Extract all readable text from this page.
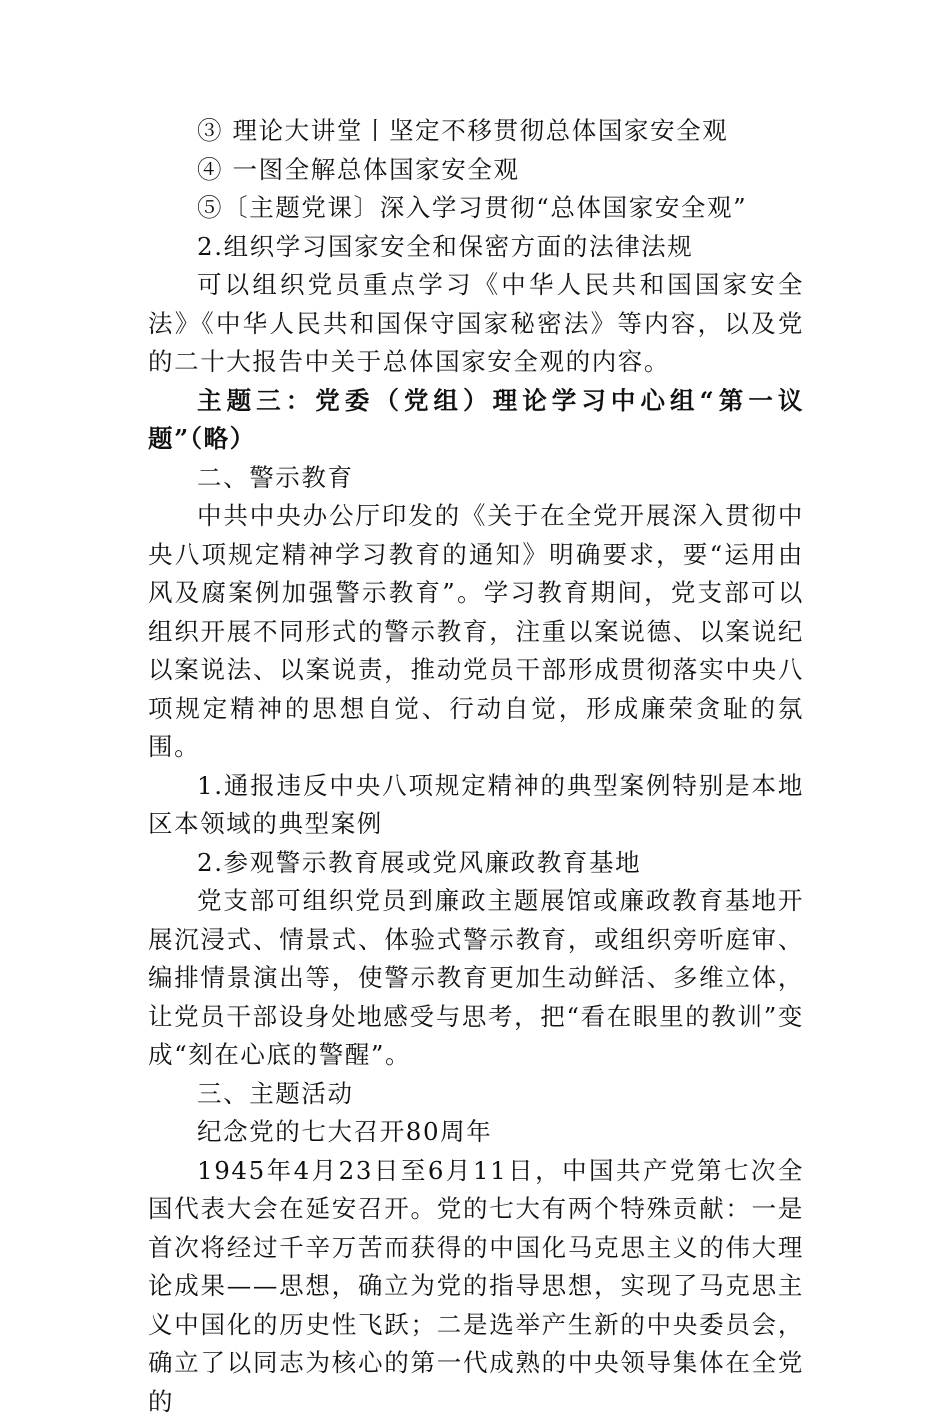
③ 理论大讲堂丨坚定不移贯彻总体国家安全观

④ 一图全解总体国家安全观

⑤〔主题党课〕深入学习贯彻“总体国家安全观”

2.组织学习国家安全和保密方面的法律法规

可以组织党员重点学习《中华人民共和国国家安全法》《中华人民共和国保守国家秘密法》等内容，以及党的二十大报告中关于总体国家安全观的内容。

主题三：党委（党组）理论学习中心组“第一议题”（略）

二、警示教育

中共中央办公厅印发的《关于在全党开展深入贯彻中央八项规定精神学习教育的通知》明确要求，要“运用由风及腐案例加强警示教育”。学习教育期间，党支部可以组织开展不同形式的警示教育，注重以案说德、以案说纪以案说法、以案说责，推动党员干部形成贯彻落实中央八项规定精神的思想自觉、行动自觉，形成廉荣贪耻的氛围。

1.通报违反中央八项规定精神的典型案例特别是本地区本领域的典型案例

2.参观警示教育展或党风廉政教育基地

党支部可组织党员到廉政主题展馆或廉政教育基地开展沉浸式、情景式、体验式警示教育，或组织旁听庭审、编排情景演出等，使警示教育更加生动鲜活、多维立体，让党员干部设身处地感受与思考，把“看在眼里的教训”变成“刻在心底的警醒”。

三、主题活动

纪念党的七大召开80周年

1945年4月23日至6月11日，中国共产党第七次全国代表大会在延安召开。党的七大有两个特殊贡献：一是首次将经过千辛万苦而获得的中国化马克思主义的伟大理论成果——思想，确立为党的指导思想，实现了马克思主义中国化的历史性飞跃；二是选举产生新的中央委员会，确立了以同志为核心的第一代成熟的中央领导集体在全党的
